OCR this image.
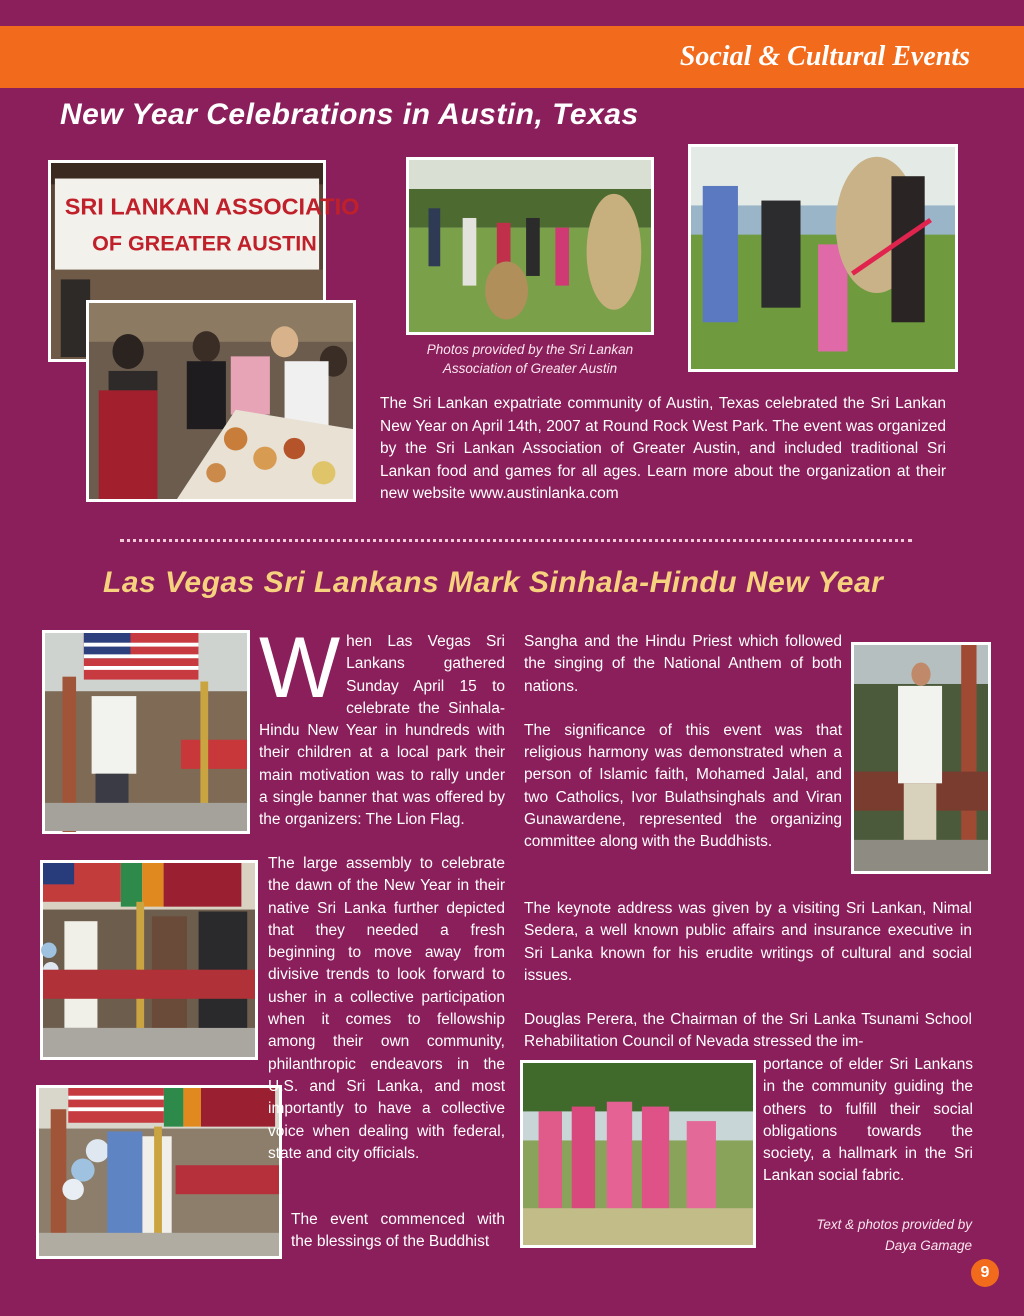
Social & Cultural Events
New Year Celebrations in Austin, Texas
SRI LANKAN ASSOCIATIO
OF GREATER AUSTIN
Photos provided by the Sri Lankan Association of Greater Austin
The Sri Lankan expatriate community of Austin, Texas celebrated the Sri Lankan New Year on April 14th, 2007 at Round Rock West Park. The event was organized by the Sri Lankan Association of Greater Austin, and included traditional Sri Lankan food and games for all ages. Learn more about the organization at their new website www.austinlanka.com
Las Vegas Sri Lankans Mark Sinhala-Hindu New Year

When Las Vegas Sri Lankans gathered Sunday April 15 to celebrate the Sinhala-Hindu New Year in hundreds with their children at a local park their main motivation was to rally under a single banner that was offered by the organizers: The Lion Flag.

The large assembly to celebrate the dawn of the New Year in their native Sri Lanka further depicted that they needed a fresh beginning to move away from divisive trends to look forward to usher in a collective participation when it comes to fellowship among their own community, philanthropic endeavors in the U.S. and Sri Lanka, and most importantly to have a collective voice when dealing with federal, state and city officials.

The event commenced with the blessings of the Buddhist

Sangha and the Hindu Priest which followed the singing of the National Anthem of both nations.

The significance of this event was that religious harmony was demonstrated when a person of Islamic faith, Mohamed Jalal, and two Catholics, Ivor Bulathsinghals and Viran Gunawardene, represented the organizing committee along with the Buddhists.

The keynote address was given by a visiting Sri Lankan, Nimal Sedera, a well known public affairs and insurance executive in Sri Lanka known for his erudite writings of cultural and social issues.

Douglas Perera, the Chairman of the Sri Lanka Tsunami School Rehabilitation Council of Nevada stressed the im-

portance of elder Sri Lankans in the community guiding the others to fulfill their social obligations towards the society, a hallmark in the Sri Lankan social fabric.

Text & photos provided by
Daya Gamage
9
